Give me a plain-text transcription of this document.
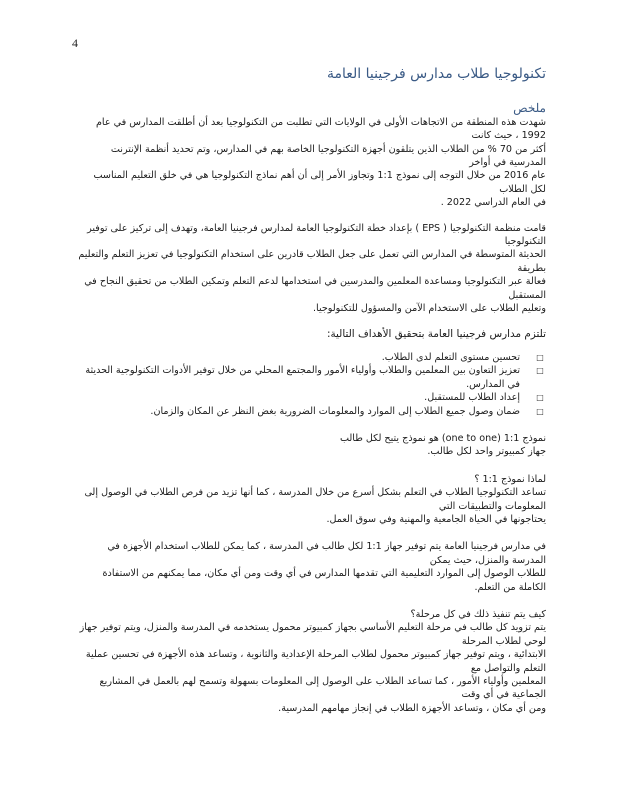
4
تكنولوجيا طلاب مدارس فرجينيا العامة
ملخص

شهدت هذه المنطقة من الاتجاهات الأولى في الولايات التي تطلبت من التكنولوجيا بعد أن أطلقت المدارس في عام 1992 ، حيث كانت

أكثر من 70 % من الطلاب الذين يتلقون أجهزة التكنولوجيا الخاصة بهم في المدارس، وتم تحديد أنظمة الإنترنت المدرسية في أواخر

عام 2016 من خلال التوجه إلى نموذج 1:1 وتجاوز الأمر إلى أن أهم نماذج التكنولوجيا هي في خلق التعليم المناسب لكل الطلاب

في العام الدراسي 2022 .

قامت منظمة التكنولوجيا ( EPS ) بإعداد خطة التكنولوجيا العامة لمدارس فرجينيا العامة، وتهدف إلى تركيز على توفير التكنولوجيا

الحديثة المتوسطة في المدارس التي تعمل على جعل الطلاب قادرين على استخدام التكنولوجيا في تعزيز التعلم والتعليم بطريقة

فعالة عبر التكنولوجيا ومساعدة المعلمين والمدرسين في استخدامها لدعم التعلم وتمكين الطلاب من تحقيق النجاح في المستقبل

وتعليم الطلاب على الاستخدام الآمن والمسؤول للتكنولوجيا.

تلتزم مدارس فرجينيا العامة بتحقيق الأهداف التالية:

□
تحسين مستوى التعلم لدى الطلاب.
□
تعزيز التعاون بين المعلمين والطلاب وأولياء الأمور والمجتمع المحلي من خلال توفير الأدوات التكنولوجية الحديثة في المدارس.
□
إعداد الطلاب للمستقبل.
□
ضمان وصول جميع الطلاب إلى الموارد والمعلومات الضرورية بغض النظر عن المكان والزمان.

نموذج 1:1 (one to one) هو نموذج يتيح لكل طالب

جهاز كمبيوتر واحد لكل طالب.

لماذا نموذج 1:1 ؟

تساعد التكنولوجيا الطلاب في التعلم بشكل أسرع من خلال المدرسة ، كما أنها تزيد من فرص الطلاب في الوصول إلى المعلومات والتطبيقات التي

يحتاجونها في الحياة الجامعية والمهنية وفي سوق العمل.

في مدارس فرجينيا العامة يتم توفير جهاز 1:1 لكل طالب في المدرسة ، كما يمكن للطلاب استخدام الأجهزة في المدرسة والمنزل، حيث يمكن

للطلاب الوصول إلى الموارد التعليمية التي تقدمها المدارس في أي وقت ومن أي مكان، مما يمكنهم من الاستفادة الكاملة من التعلم.

كيف يتم تنفيذ ذلك في كل مرحلة؟

يتم تزويد كل طالب في مرحلة التعليم الأساسي بجهاز كمبيوتر محمول يستخدمه في المدرسة والمنزل، ويتم توفير جهاز لوحي لطلاب المرحلة

الابتدائية ، ويتم توفير جهاز كمبيوتر محمول لطلاب المرحلة الإعدادية والثانوية ، وتساعد هذه الأجهزة في تحسين عملية التعلم والتواصل مع

المعلمين وأولياء الأمور ، كما تساعد الطلاب على الوصول إلى المعلومات بسهولة وتسمح لهم بالعمل في المشاريع الجماعية في أي وقت

ومن أي مكان ، وتساعد الأجهزة الطلاب في إنجاز مهامهم المدرسية.
